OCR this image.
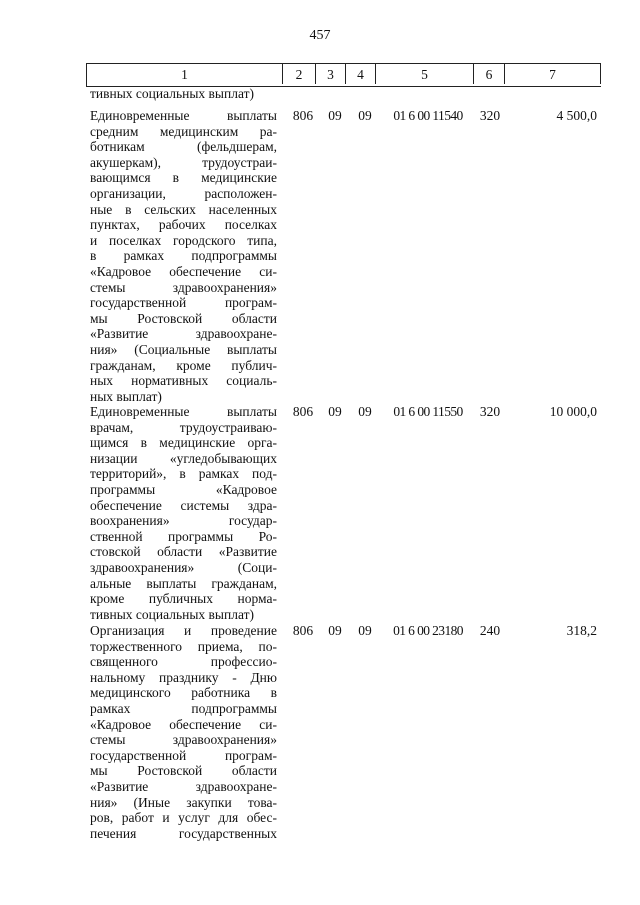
457
1	2	3	4	5	6	7
тивных социальных выплат)
Единовременные выплаты
средним медицинским ра-
ботникам (фельдшерам,
акушеркам), трудоустраи-
вающимся в медицинские
организации, расположен-
ные в сельских населенных
пунктах, рабочих поселках
и поселках городского типа,
в рамках подпрограммы
«Кадровое обеспечение си-
стемы здравоохранения»
государственной програм-
мы Ростовской области
«Развитие здравоохране-
ния» (Социальные выплаты
гражданам, кроме публич-
ных нормативных социаль-
ных выплат)
806	09	09	01 6 00 11540	320	4 500,0
Единовременные выплаты
врачам, трудоустраиваю-
щимся в медицинские орга-
низации «угледобывающих
территорий», в рамках под-
программы «Кадровое
обеспечение системы здра-
воохранения» государ-
ственной программы Ро-
стовской области «Развитие
здравоохранения» (Соци-
альные выплаты гражданам,
кроме публичных норма-
тивных социальных выплат)
806	09	09	01 6 00 11550	320	10 000,0
Организация и проведение
торжественного приема, по-
священного профессио-
нальному празднику - Дню
медицинского работника в
рамках подпрограммы
«Кадровое обеспечение си-
стемы здравоохранения»
государственной програм-
мы Ростовской области
«Развитие здравоохране-
ния» (Иные закупки това-
ров, работ и услуг для обес-
печения государственных
806	09	09	01 6 00 23180	240	318,2
